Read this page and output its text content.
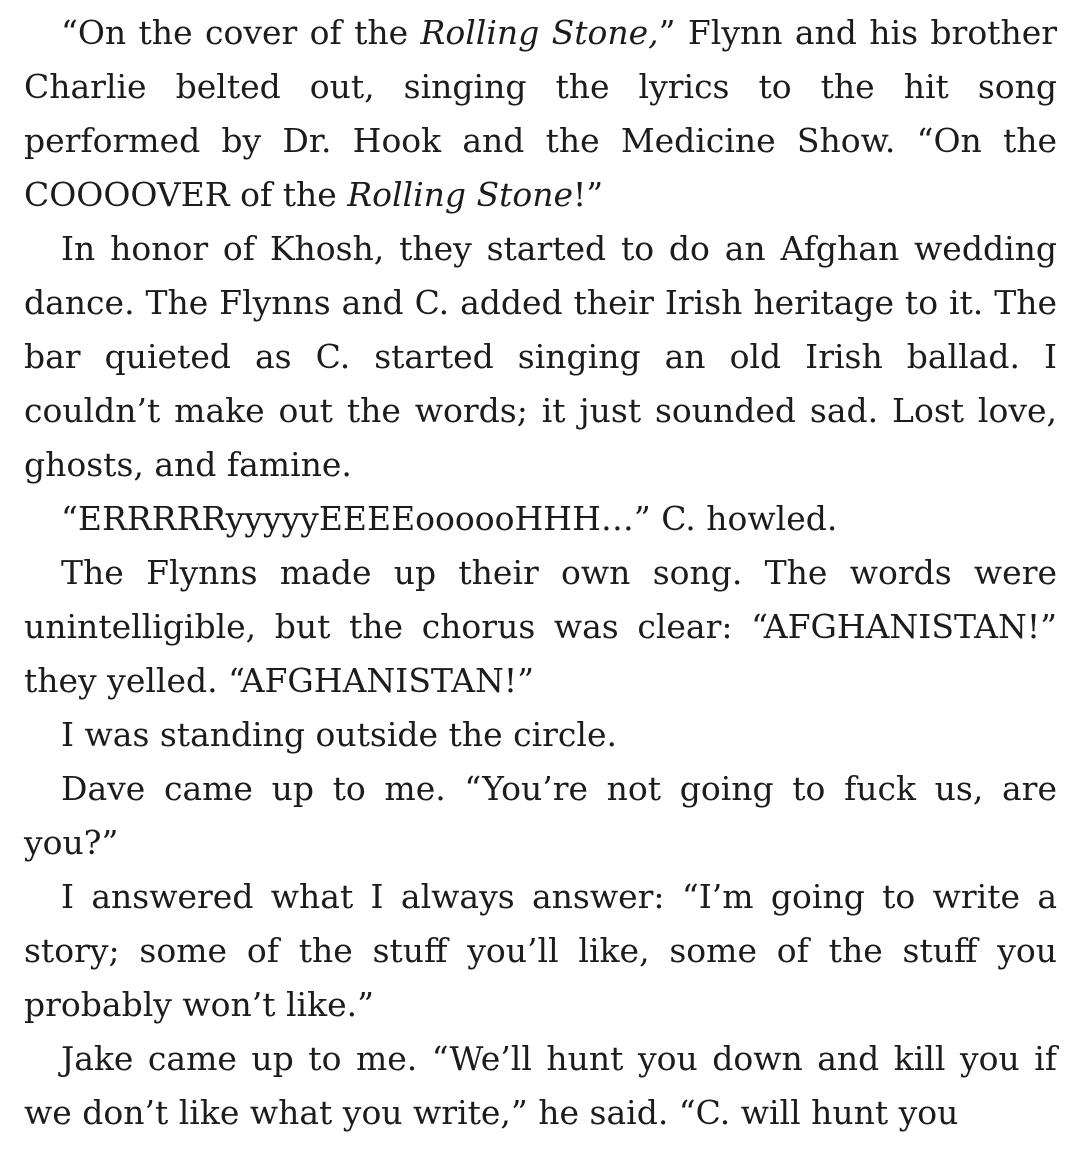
“On the cover of the Rolling Stone,” Flynn and his brother Charlie belted out, singing the lyrics to the hit song performed by Dr. Hook and the Medicine Show. “On the COOOOVER of the Rolling Stone!”

In honor of Khosh, they started to do an Afghan wedding dance. The Flynns and C. added their Irish heritage to it. The bar quieted as C. started singing an old Irish ballad. I couldn’t make out the words; it just sounded sad. Lost love, ghosts, and famine.

“ERRRRRyyyyyEEEEoooooHHH…” C. howled.

The Flynns made up their own song. The words were unintelligible, but the chorus was clear: “AFGHANISTAN!” they yelled. “AFGHANISTAN!”

I was standing outside the circle.

Dave came up to me. “You’re not going to fuck us, are you?”

I answered what I always answer: “I’m going to write a story; some of the stuff you’ll like, some of the stuff you probably won’t like.”

Jake came up to me. “We’ll hunt you down and kill you if we don’t like what you write,” he said. “C. will hunt you
